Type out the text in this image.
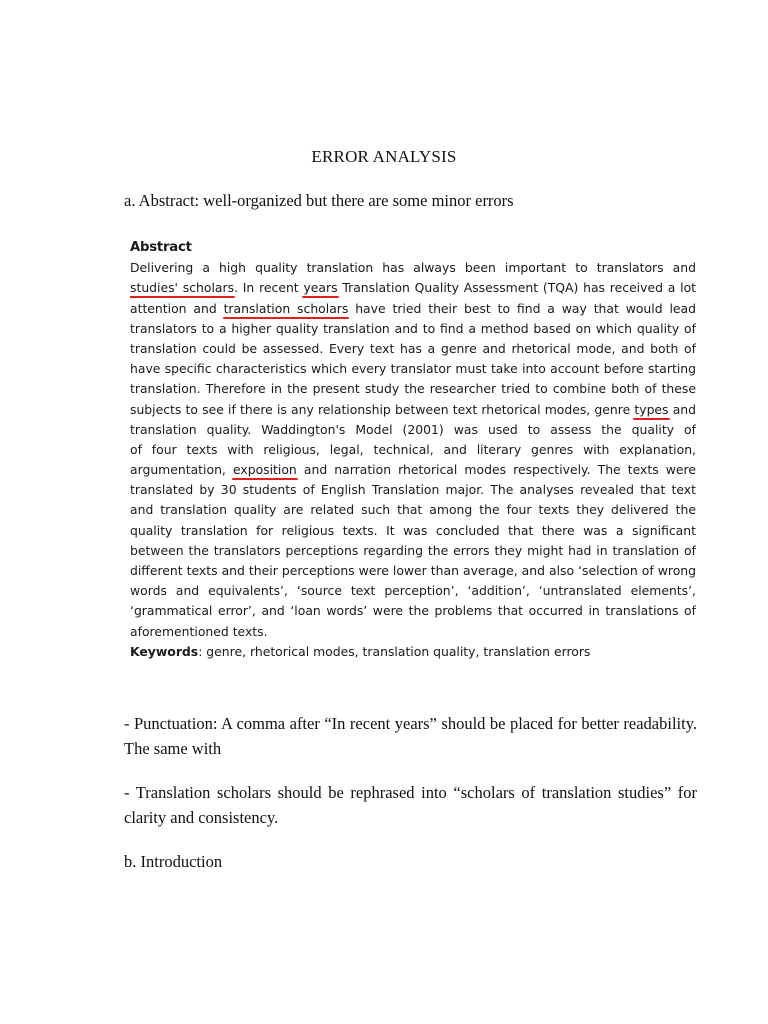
ERROR ANALYSIS
a. Abstract: well-organized but there are some minor errors
Abstract
Delivering a high quality translation has always been important to translators and
studies' scholars. In recent years Translation Quality Assessment (TQA) has received a lot
attention and translation scholars have tried their best to find a way that would lead
translators to a higher quality translation and to find a method based on which quality of
translation could be assessed. Every text has a genre and rhetorical mode, and both of
have specific characteristics which every translator must take into account before starting
translation. Therefore in the present study the researcher tried to combine both of these
subjects to see if there is any relationship between text rhetorical modes, genre types and
translation quality. Waddington's Model (2001) was used to assess the quality of
of four texts with religious, legal, technical, and literary genres with explanation,
argumentation, exposition and narration rhetorical modes respectively. The texts were
translated by 30 students of English Translation major. The analyses revealed that text
and translation quality are related such that among the four texts they delivered the
quality translation for religious texts. It was concluded that there was a significant
between the translators perceptions regarding the errors they might had in translation of
different texts and their perceptions were lower than average, and also ‘selection of wrong
words and equivalents’, ‘source text perception’, ‘addition’, ‘untranslated elements’,
‘grammatical error’, and ‘loan words’ were the problems that occurred in translations of
aforementioned texts.
Keywords: genre, rhetorical modes, translation quality, translation errors
- Punctuation: A comma after “In recent years” should be placed for better readability. The same with
- Translation scholars should be rephrased into “scholars of translation studies” for clarity and consistency.
b. Introduction
